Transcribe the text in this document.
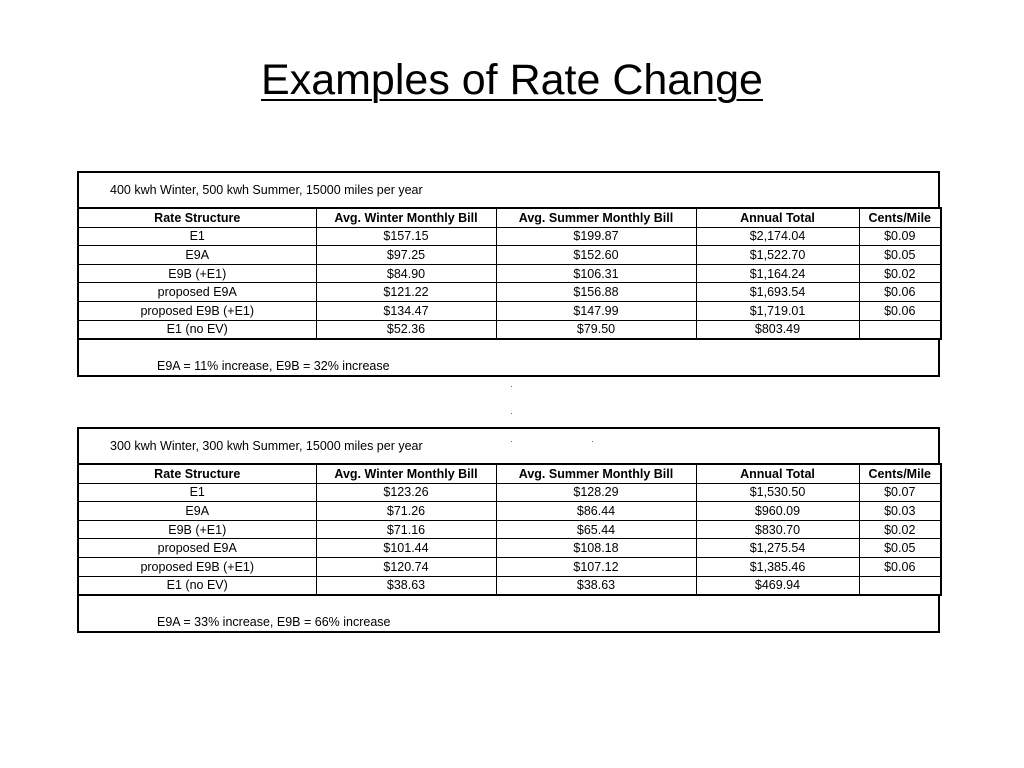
Examples of Rate Change
400 kwh Winter, 500 kwh Summer, 15000 miles per year
Rate Structure	Avg. Winter Monthly Bill	Avg. Summer Monthly Bill	Annual Total	Cents/Mile
E1	$157.15	$199.87	$2,174.04	$0.09
E9A	$97.25	$152.60	$1,522.70	$0.05
E9B (+E1)	$84.90	$106.31	$1,164.24	$0.02
proposed E9A	$121.22	$156.88	$1,693.54	$0.06
proposed E9B (+E1)	$134.47	$147.99	$1,719.01	$0.06
E1 (no EV)	$52.36	$79.50	$803.49	
E9A = 11% increase, E9B = 32% increase
300 kwh Winter, 300 kwh Summer, 15000 miles per year
Rate Structure	Avg. Winter Monthly Bill	Avg. Summer Monthly Bill	Annual Total	Cents/Mile
E1	$123.26	$128.29	$1,530.50	$0.07
E9A	$71.26	$86.44	$960.09	$0.03
E9B (+E1)	$71.16	$65.44	$830.70	$0.02
proposed E9A	$101.44	$108.18	$1,275.54	$0.05
proposed E9B (+E1)	$120.74	$107.12	$1,385.46	$0.06
E1 (no EV)	$38.63	$38.63	$469.94	
E9A = 33% increase, E9B = 66% increase
